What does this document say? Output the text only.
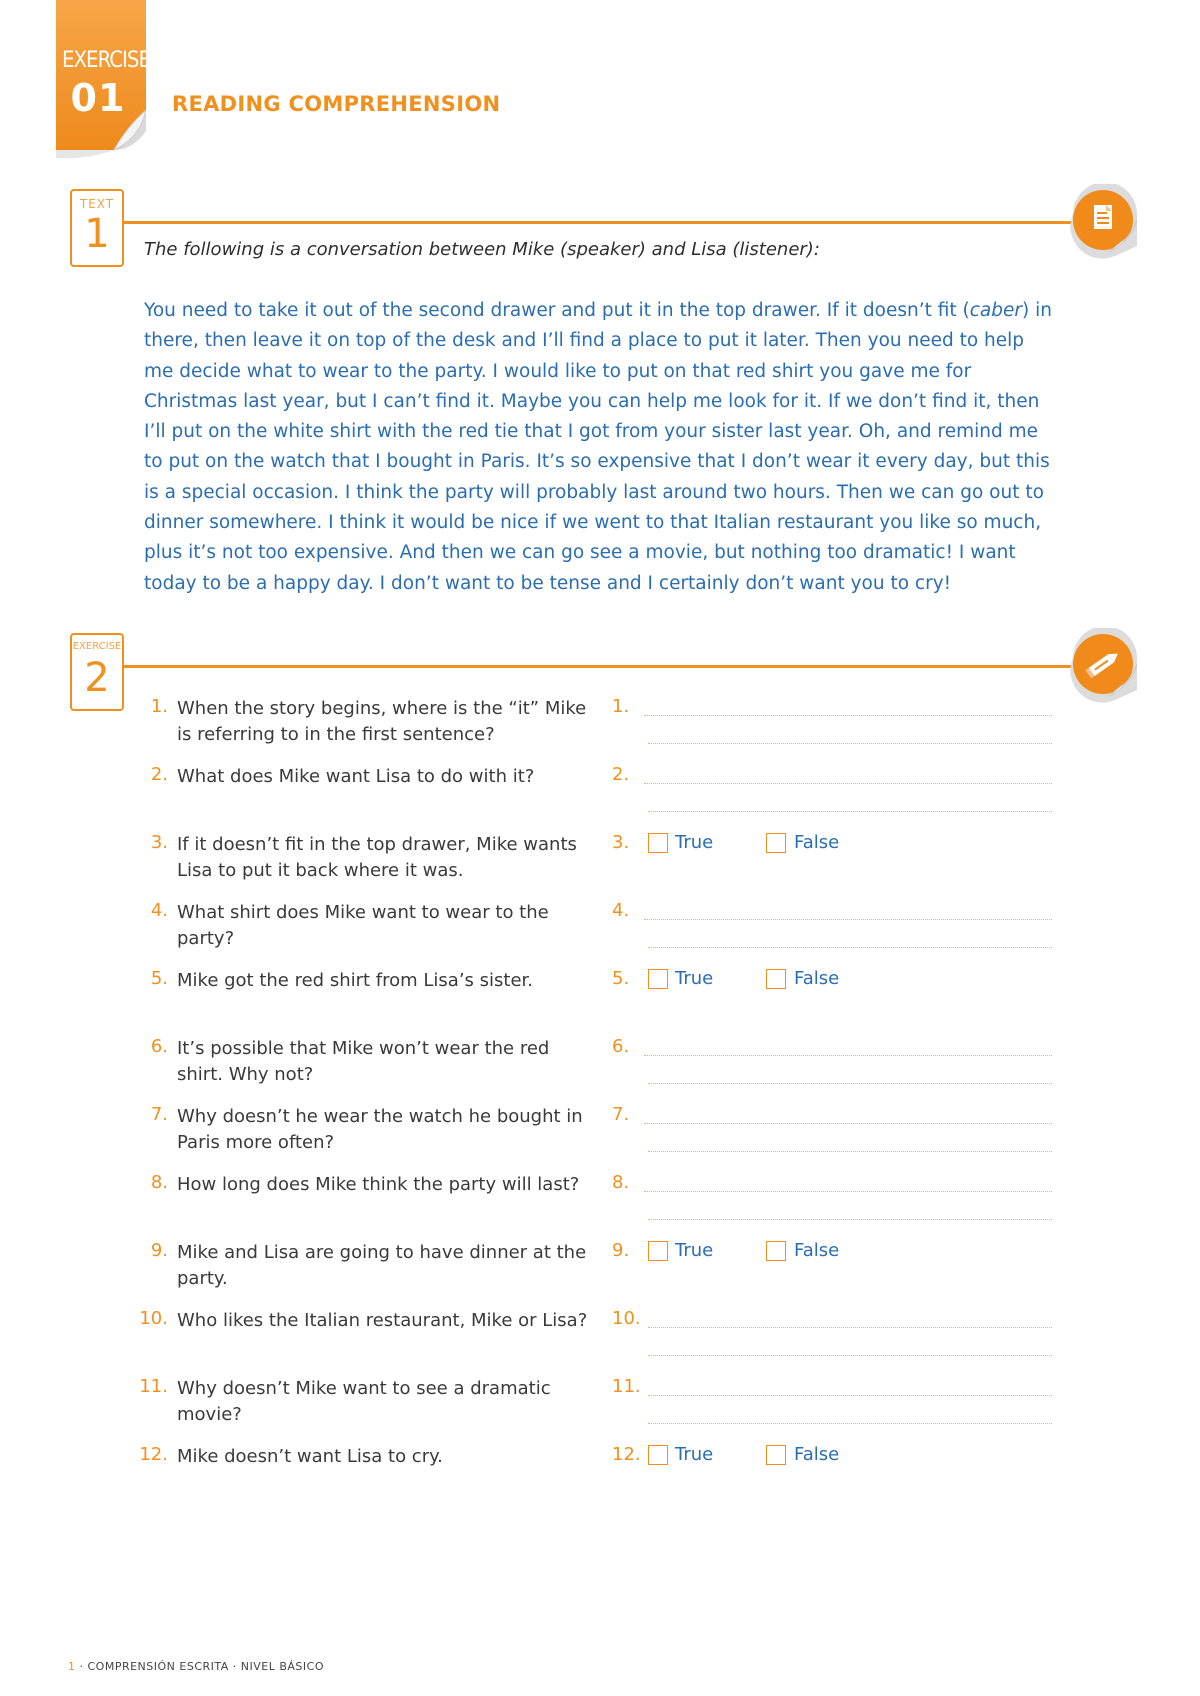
EXERCISE
01	READING COMPREHENSION
TEXT
1	The following is a conversation between Mike (speaker) and Lisa (listener):
You need to take it out of the second drawer and put it in the top drawer. If it doesn’t fit (caber) in there, then leave it on top of the desk and I’ll find a place to put it later. Then you need to help me decide what to wear to the party. I would like to put on that red shirt you gave me for Christmas last year, but I can’t find it. Maybe you can help me look for it. If we don’t find it, then I’ll put on the white shirt with the red tie that I got from your sister last year. Oh, and remind me to put on the watch that I bought in Paris. It’s so expensive that I don’t wear it every day, but this is a special occasion. I think the party will probably last around two hours. Then we can go out to dinner somewhere. I think it would be nice if we went to that Italian restaurant you like so much, plus it’s not too expensive. And then we can go see a movie, but nothing too dramatic! I want today to be a happy day. I don’t want to be tense and I certainly don’t want you to cry!
EXERCISE
2
1. When the story begins, where is the “it” Mike
is referring to in the first sentence?
1.
2. What does Mike want Lisa to do with it?	2.
3. If it doesn’t fit in the top drawer, Mike wants
Lisa to put it back where it was.
3.	True	False
4. What shirt does Mike want to wear to the
party?
4.
5. Mike got the red shirt from Lisa’s sister.	5.	True	False
6. It’s possible that Mike won’t wear the red
shirt. Why not?
6.
7. Why doesn’t he wear the watch he bought in
Paris more often?
7.
8. How long does Mike think the party will last?	8.
9. Mike and Lisa are going to have dinner at the
party.
9.	True	False
10. Who likes the Italian restaurant, Mike or Lisa?	10.
11. Why doesn’t Mike want to see a dramatic
movie?
11.
12. Mike doesn’t want Lisa to cry.	12. True	False
1 · COMPRENSIÓN ESCRITA · NIVEL BÁSICO
